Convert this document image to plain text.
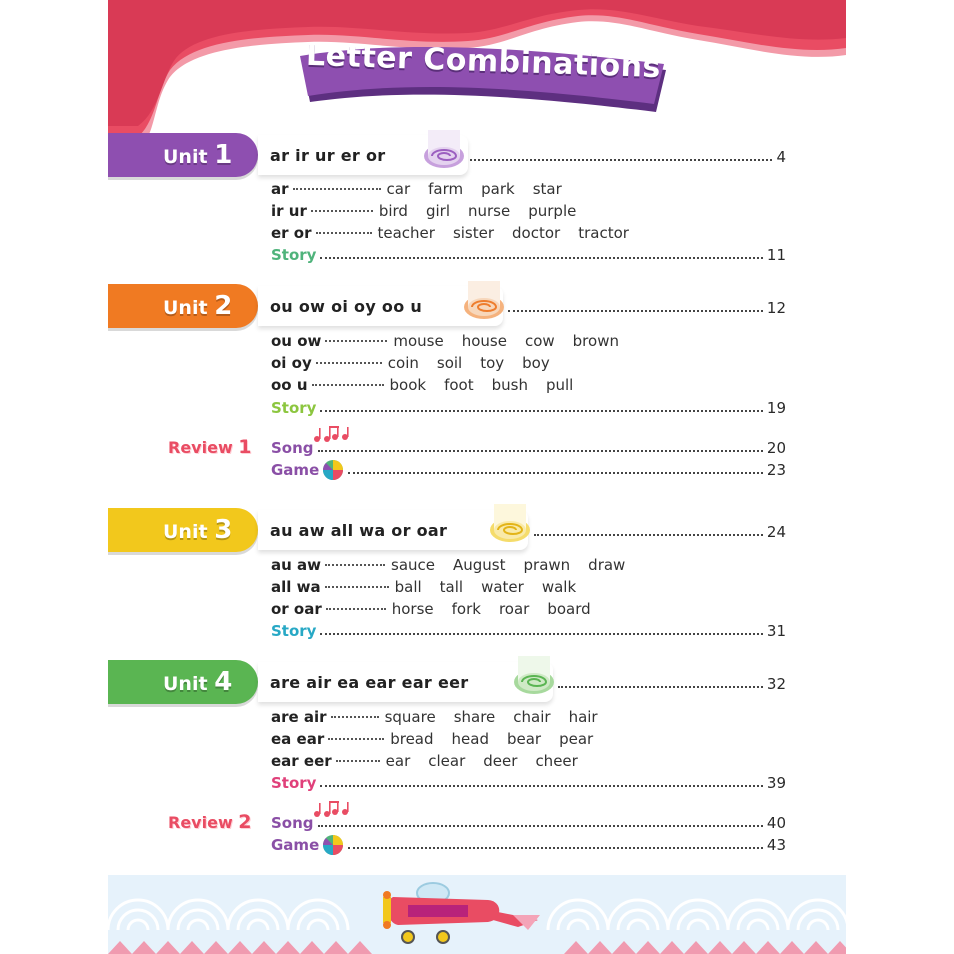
Letter Combinations
Unit 1 ar ir ur er or	4
ar	car farm park star
ir ur	bird girl nurse purple
er or	teacher sister doctor tractor
Story	11
Unit 2 ou ow oi oy oo u	12
ou ow	mouse house cow brown
oi oy	coin soil toy boy
oo u	book foot bush pull
Story	19
Review 1 Song	20
Game	23
Unit 3 au aw all wa or oar	24
au aw	sauce August prawn draw
all wa	ball tall water walk
or oar	horse fork roar board
Story	31
Unit 4 are air ea ear ear eer	32
are air	square share chair hair
ea ear	bread head bear pear
ear eer	ear clear deer cheer
Story	39
Review 2 Song	40
Game	43
